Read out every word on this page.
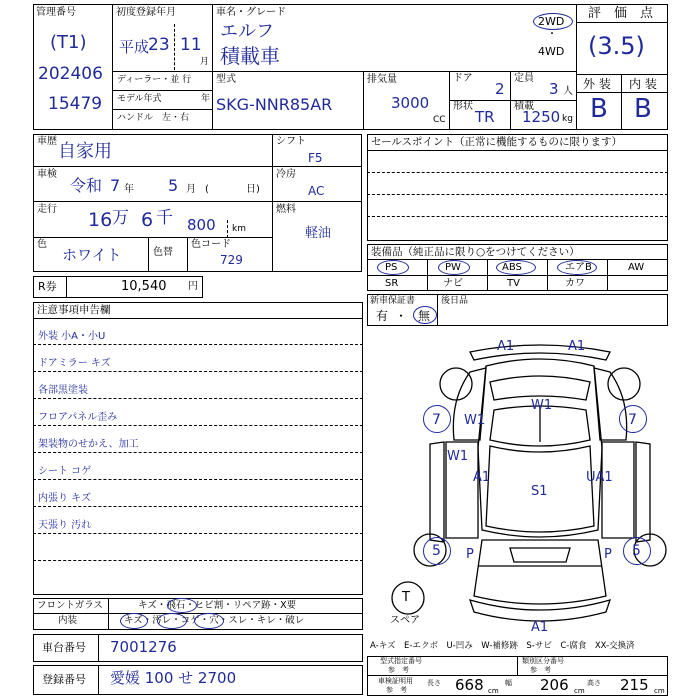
管理番号
(T1)
202406
15479
初度登録年月
平成
23 11
月
車名・グレード
エルフ
積載車
2WD
・
4WD
評　価　点
(3.5)
外 装 内 装
B B
ディーラー・並 行
モデル年式	年
ハンドル　左・右
型式
SKG-NNR85AR
排気量
3000
CC
ドア
2
定員
3 人
形状
TR
積載
1250 kg
車歴 自家用
車検
令和 7 年 5 月 (	日)
走行 16 万 6 千 800 km
色
ホワイト	色替
色コード
729
シフト
F5
冷房
AC
燃料
軽油
R券	10,540 円
セールスポイント（正常に機能するものに限ります）
装備品（純正品に限り○をつけてください）
PS	PW	ABS	エアB	AW
SR	ナビ	TV	カワ
新車保証書	後日品
有 ・ 無
注意事項申告欄
外装 小A・小U
ドアミラー キズ
各部黒塗装
フロアパネル歪み
架装物のせかえ、加工
シート コゲ
内張り キズ
天張り 汚れ
フロントガラス	キズ・飛石・ヒビ割・リペア跡・X要
内装	キズ・汚レ・コゲ・穴・スレ・キレ・破レ
車台番号 7001276
登録番号 愛媛 100 せ 2700
A-キズ　E-エクボ　U-凹み　W-補修跡　S-サビ　C-腐食　XX-交換済
型式指定番号
参　考
類別区分番号
参　考
車検証明用
参　考
長さ 668 cm
幅 206 cm
高さ 215 cm
A1	A1
W1
7 W1	7
W1
A1	UA1
S1
5 P	P 5
A1
T
スペア
